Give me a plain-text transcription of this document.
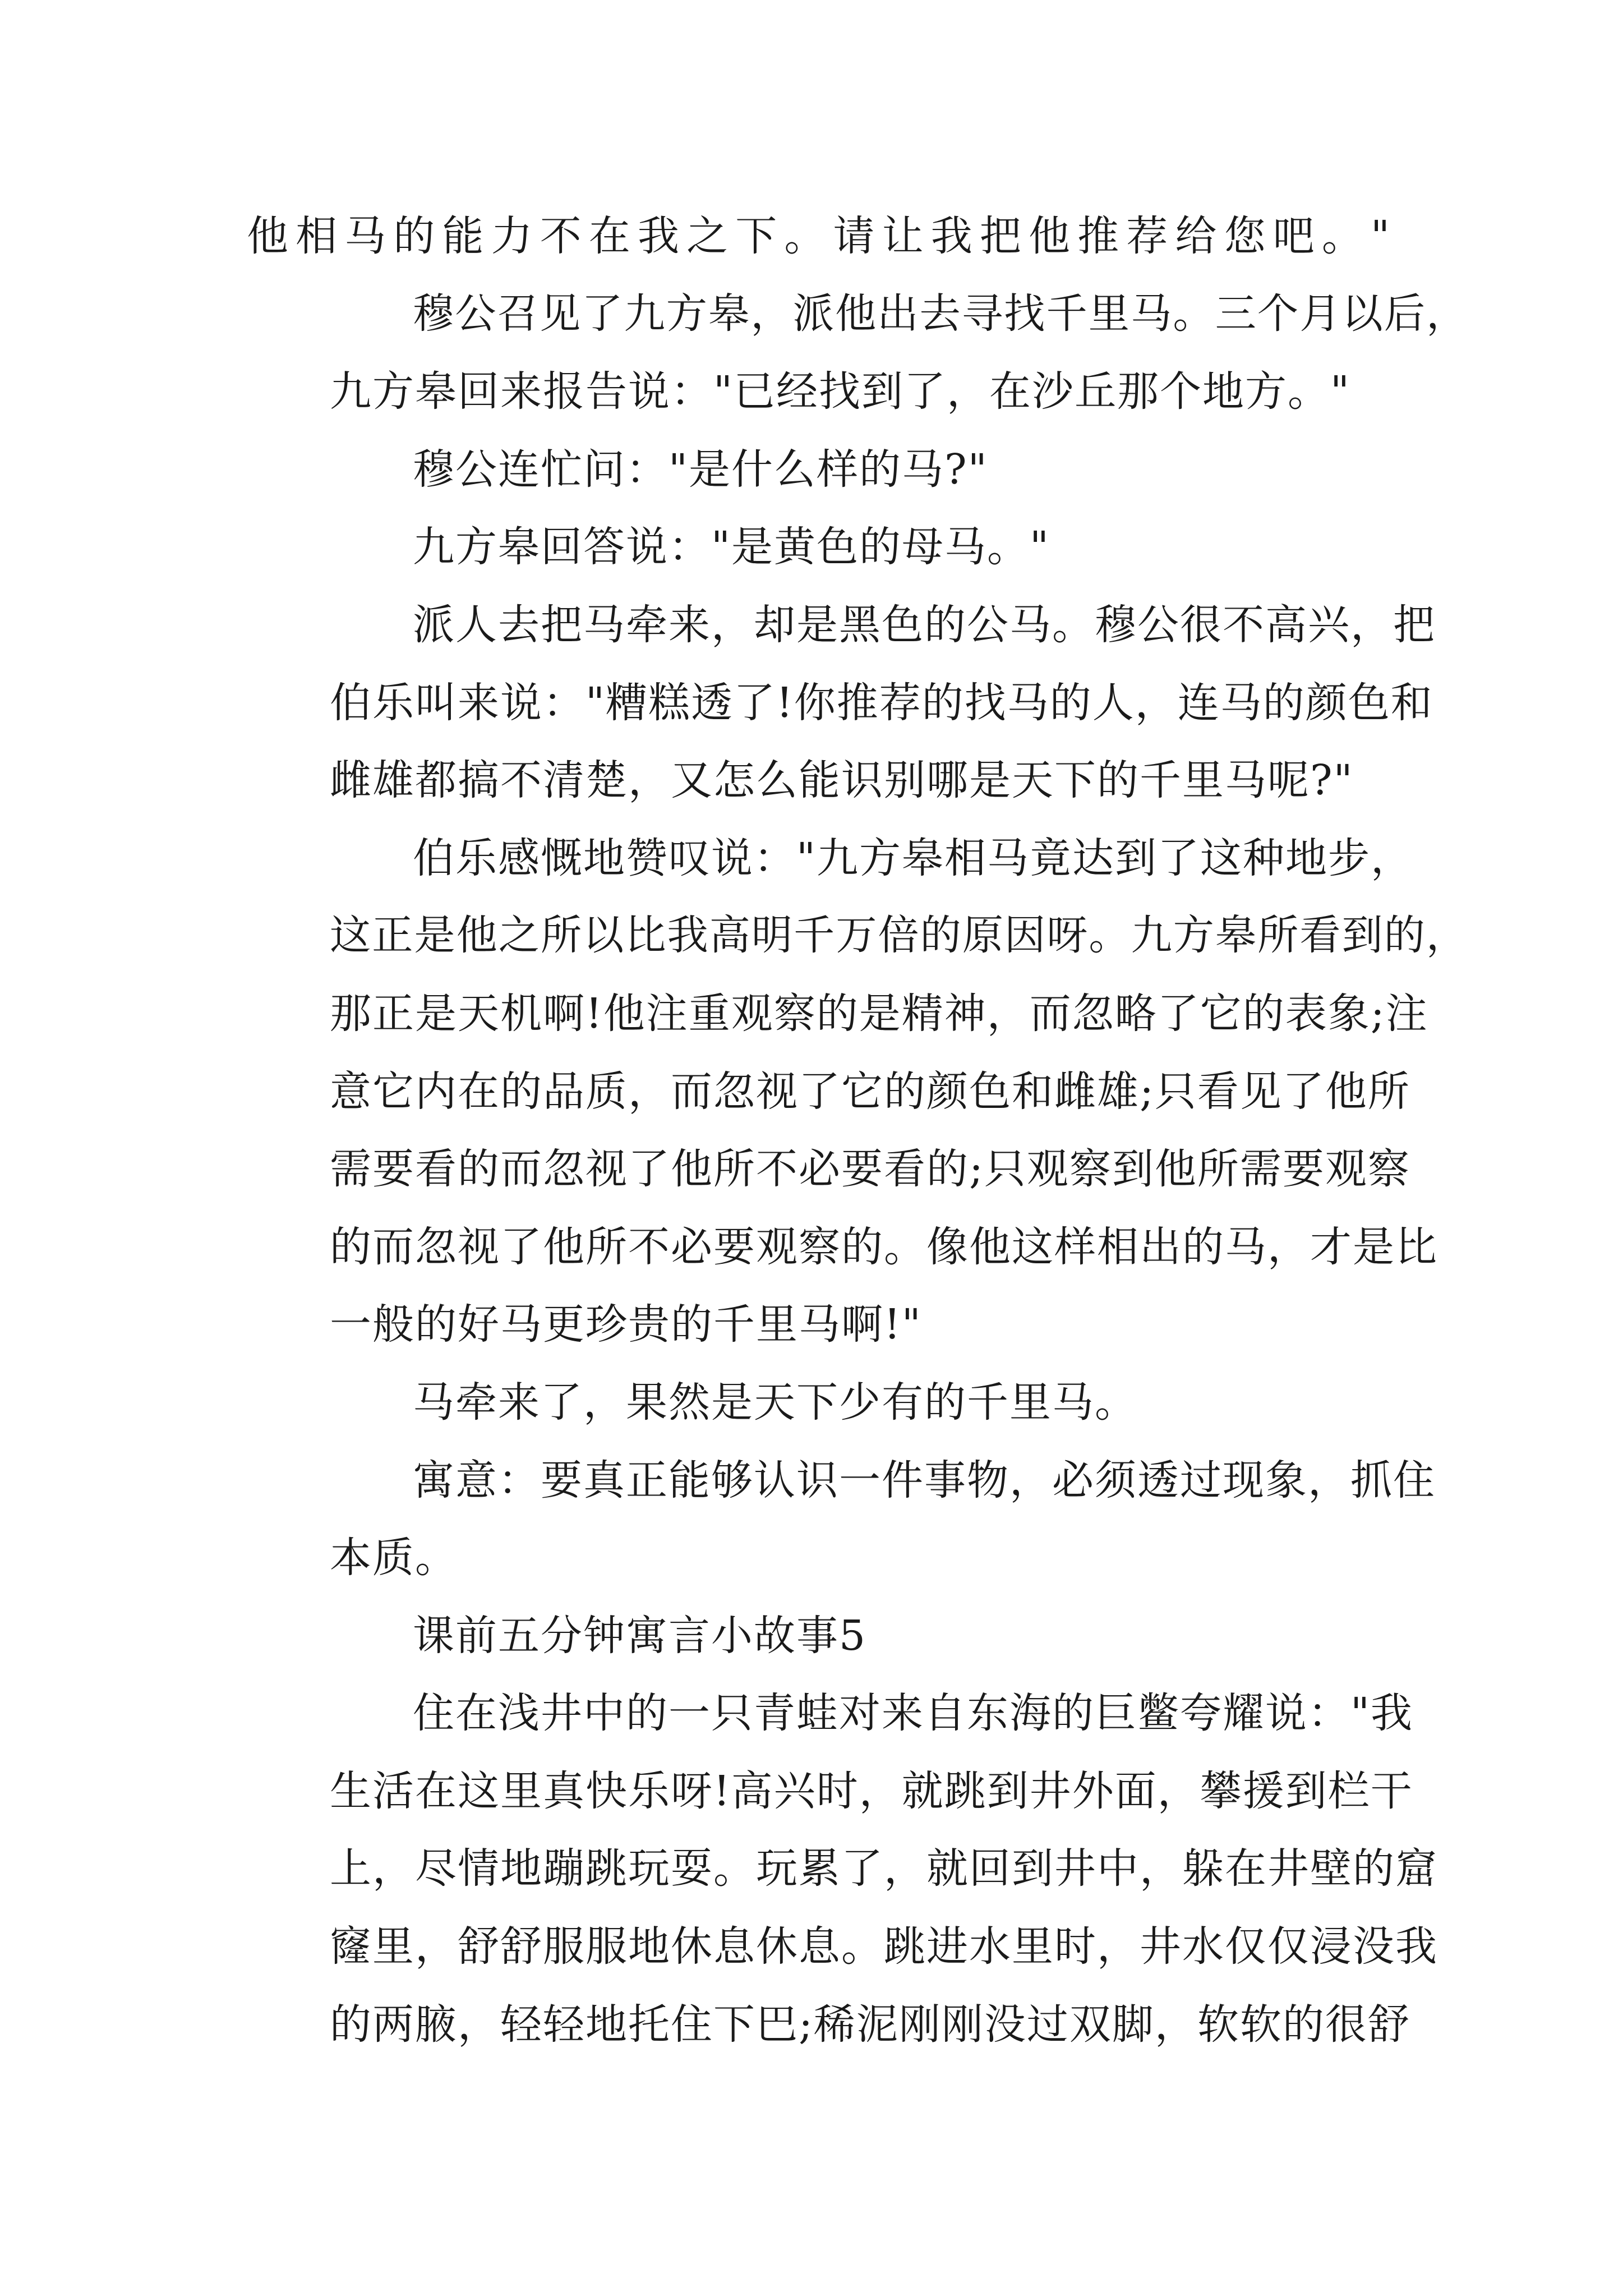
他相马的能力不在我之下。请让我把他推荐给您吧。"
穆公召见了九方皋，派他出去寻找千里马。三个月以后，
九方皋回来报告说："已经找到了，在沙丘那个地方。"
穆公连忙问："是什么样的马?"
九方皋回答说："是黄色的母马。"
派人去把马牵来，却是黑色的公马。穆公很不高兴，把
伯乐叫来说："糟糕透了!你推荐的找马的人，连马的颜色和
雌雄都搞不清楚，又怎么能识别哪是天下的千里马呢?"
伯乐感慨地赞叹说："九方皋相马竟达到了这种地步，
这正是他之所以比我高明千万倍的原因呀。九方皋所看到的，
那正是天机啊!他注重观察的是精神，而忽略了它的表象;注
意它内在的品质，而忽视了它的颜色和雌雄;只看见了他所
需要看的而忽视了他所不必要看的;只观察到他所需要观察
的而忽视了他所不必要观察的。像他这样相出的马，才是比
一般的好马更珍贵的千里马啊!"
马牵来了，果然是天下少有的千里马。
寓意：要真正能够认识一件事物，必须透过现象，抓住
本质。
课前五分钟寓言小故事5
住在浅井中的一只青蛙对来自东海的巨鳖夸耀说："我
生活在这里真快乐呀!高兴时，就跳到井外面，攀援到栏干
上，尽情地蹦跳玩耍。玩累了，就回到井中，躲在井壁的窟
窿里，舒舒服服地休息休息。跳进水里时，井水仅仅浸没我
的两腋，轻轻地托住下巴;稀泥刚刚没过双脚，软软的很舒
